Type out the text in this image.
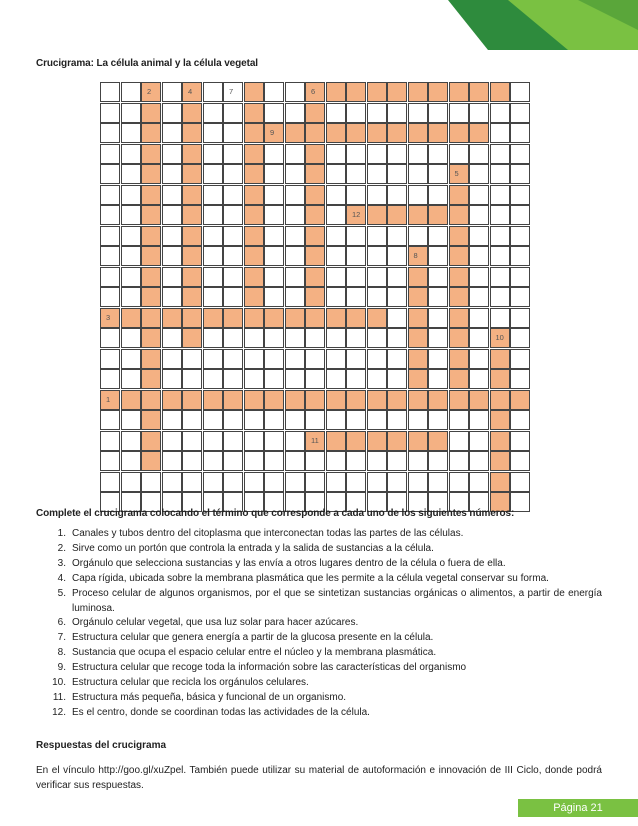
Crucigrama: La célula animal y la célula vegetal
2	4	7	6
9
5
12
8
3
10
1
11
Complete el crucigrama colocando el término que corresponde a cada uno de los siguientes números:
1. Canales y tubos dentro del citoplasma que interconectan todas las partes de las células.
2. Sirve como un portón que controla la entrada y la salida de sustancias a la célula.
3. Orgánulo que selecciona sustancias y las envía a otros lugares dentro de la célula o fuera de ella.
4. Capa rígida, ubicada sobre la membrana plasmática que les permite a la célula vegetal conservar su forma.
5. Proceso celular de algunos organismos, por el que se sintetizan sustancias orgánicas o alimentos, a partir de energía luminosa.
6. Orgánulo celular vegetal, que usa luz solar para hacer azúcares.
7. Estructura celular que genera energía a partir de la glucosa presente en la célula.
8. Sustancia que ocupa el espacio celular entre el núcleo y la membrana plasmática.
9. Estructura celular que recoge toda la información sobre las características del organismo
10. Estructura celular que recicla los orgánulos celulares.
11. Estructura más pequeña, básica y funcional de un organismo.
12. Es el centro, donde se coordinan todas las actividades de la célula.
Respuestas del crucigrama
En el vínculo http://goo.gl/xuZpel. También puede utilizar su material de autoformación e innovación de III Ciclo, donde podrá verificar sus respuestas.
Página 21
